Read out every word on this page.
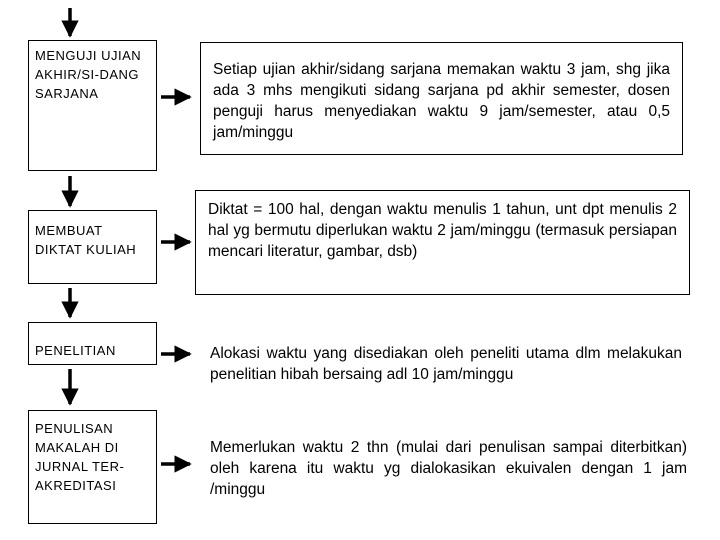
MENGUJI UJIAN AKHIR/SI-DANG SARJANA
MEMBUAT DIKTAT KULIAH
PENELITIAN
PENULISAN MAKALAH DI JURNAL TER-AKREDITASI
Setiap ujian akhir/sidang sarjana memakan waktu 3 jam, shg jika ada 3 mhs mengikuti sidang sarjana pd akhir semester, dosen penguji harus menyediakan waktu 9 jam/semester, atau 0,5 jam/minggu
Diktat = 100 hal, dengan waktu menulis 1 tahun, unt dpt menulis 2 hal yg bermutu diperlukan waktu 2 jam/minggu (termasuk persiapan mencari literatur, gambar, dsb)
Alokasi waktu yang disediakan oleh peneliti utama dlm melakukan penelitian hibah bersaing adl 10 jam/minggu
Memerlukan waktu 2 thn (mulai dari penulisan sampai diterbitkan) oleh karena itu waktu yg dialokasikan ekuivalen dengan 1 jam /minggu
